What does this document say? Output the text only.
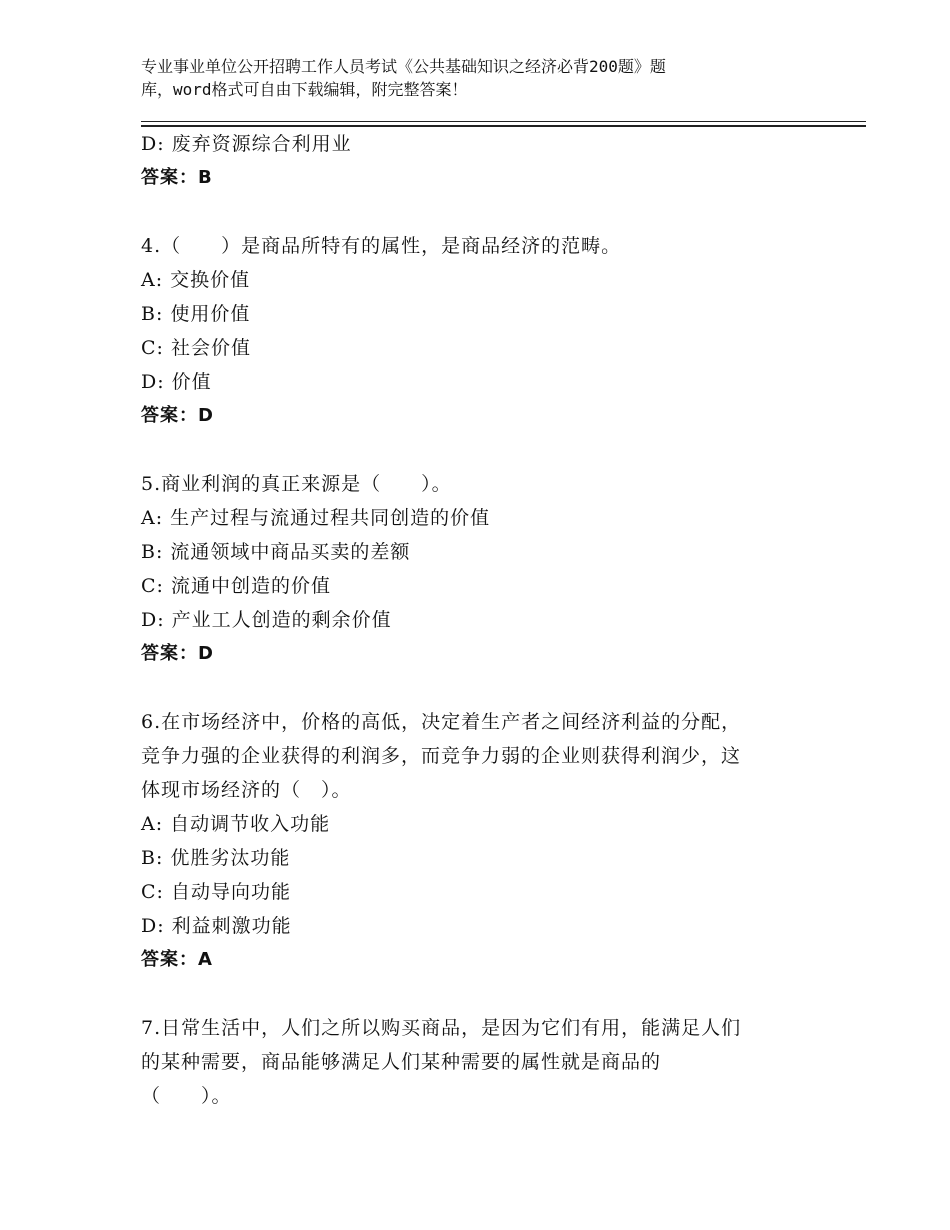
专业事业单位公开招聘工作人员考试《公共基础知识之经济必背200题》题
库，word格式可自由下载编辑，附完整答案！
D: 废弃资源综合利用业
答案：B
4.（　　）是商品所特有的属性，是商品经济的范畴。
A: 交换价值
B: 使用价值
C: 社会价值
D: 价值
答案：D
5.商业利润的真正来源是（　　）。
A: 生产过程与流通过程共同创造的价值
B: 流通领域中商品买卖的差额
C: 流通中创造的价值
D: 产业工人创造的剩余价值
答案：D
6.在市场经济中，价格的高低，决定着生产者之间经济利益的分配，
竞争力强的企业获得的利润多，而竞争力弱的企业则获得利润少，这
体现市场经济的（　）。
A: 自动调节收入功能
B: 优胜劣汰功能
C: 自动导向功能
D: 利益刺激功能
答案：A
7.日常生活中，人们之所以购买商品，是因为它们有用，能满足人们
的某种需要，商品能够满足人们某种需要的属性就是商品的
（　　）。
